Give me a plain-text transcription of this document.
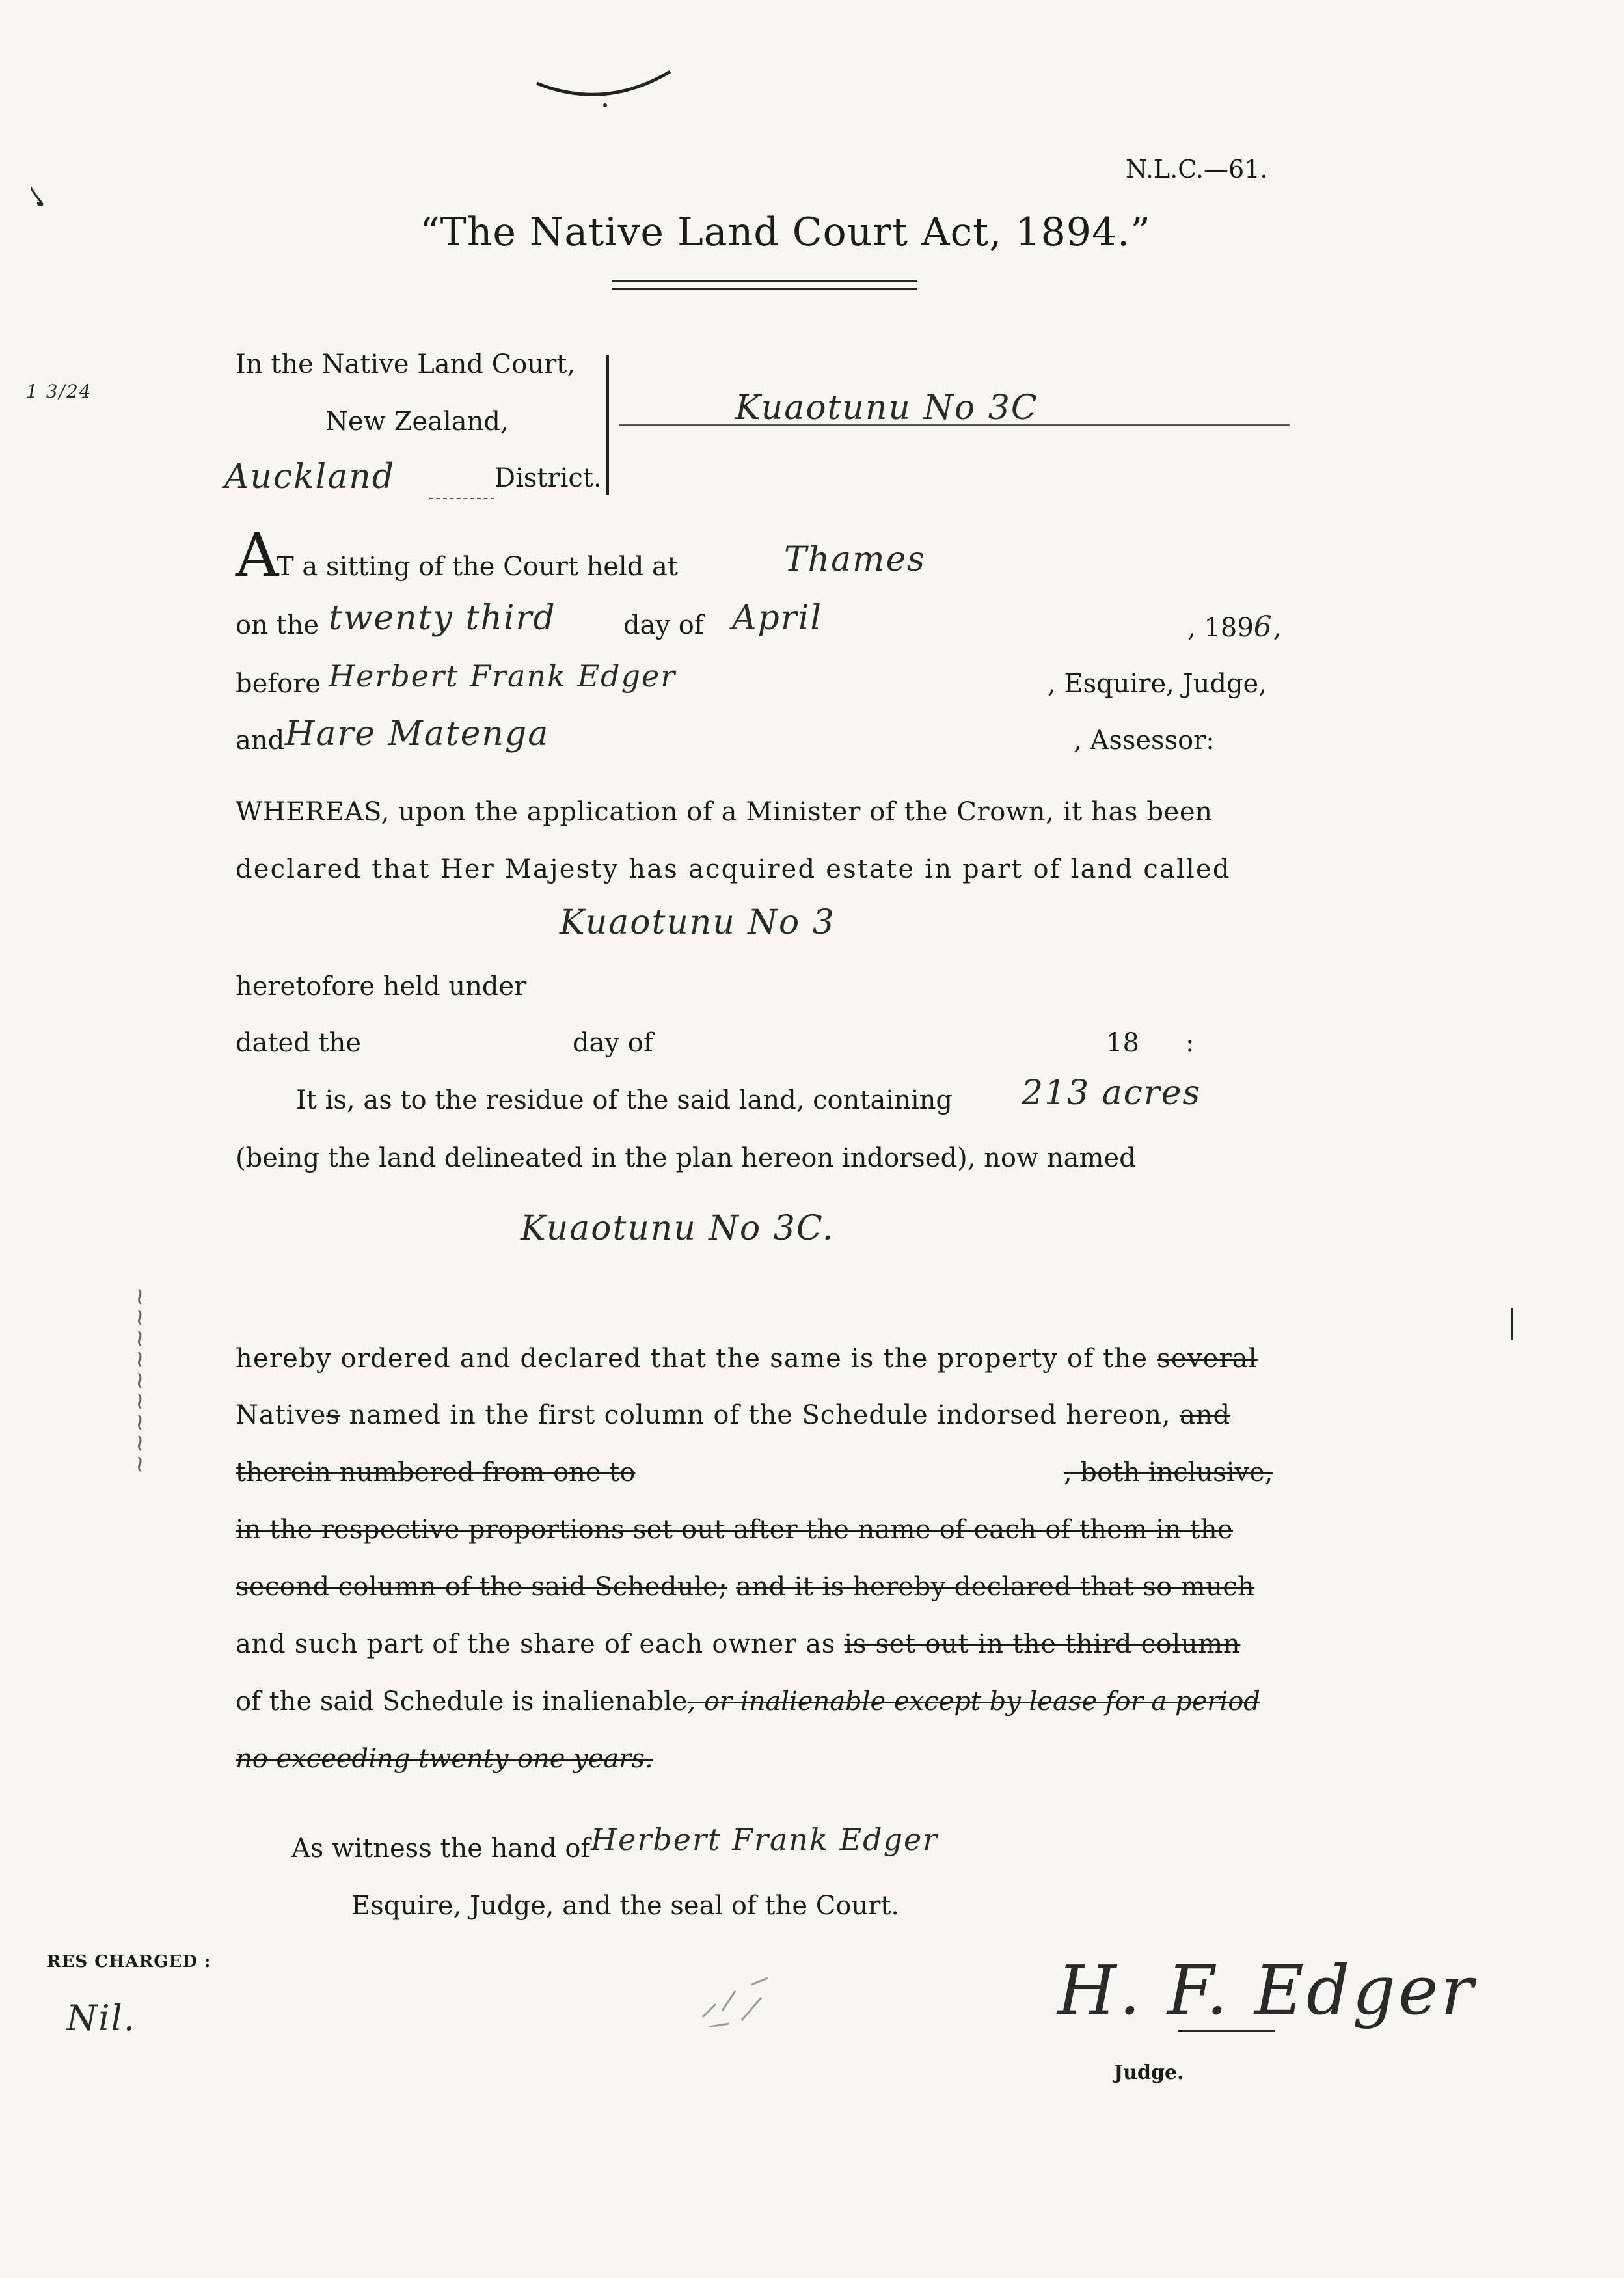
✓
1 3/24
~~~~~~~~~
N.L.C.—61.
“The Native Land Court Act, 1894.”
In the Native Land Court,
New Zealand,
Auckland	District.
Kuaotunu No 3C
A
T a sitting of the Court held at	Thames
on the twenty third	day of April	, 1896,
before Herbert Frank Edger	, Esquire, Judge,
and Hare Matenga	, Assessor:
WHEREAS, upon the application of a Minister of the Crown, it has been
declared that Her Majesty has acquired estate in part of land called
Kuaotunu No 3
heretofore held under
dated the	day of	18 :
It is, as to the residue of the said land, containing 213 acres
(being the land delineated in the plan hereon indorsed), now named
Kuaotunu No 3C.
hereby ordered and declared that the same is the property of the several
Natives named in the first column of the Schedule indorsed hereon, and
therein numbered from one to	, both inclusive,
in the respective proportions set out after the name of each of them in the
second column of the said Schedule; and it is hereby declared that so much
and such part of the share of each owner as is set out in the third column
of the said Schedule is inalienable, or inalienable except by lease for a period
no exceeding twenty-one years.
As witness the hand of Herbert Frank Edger
Esquire, Judge, and the seal of the Court.
RES CHARGED :
Nil.	H. F. Edger
Judge.
